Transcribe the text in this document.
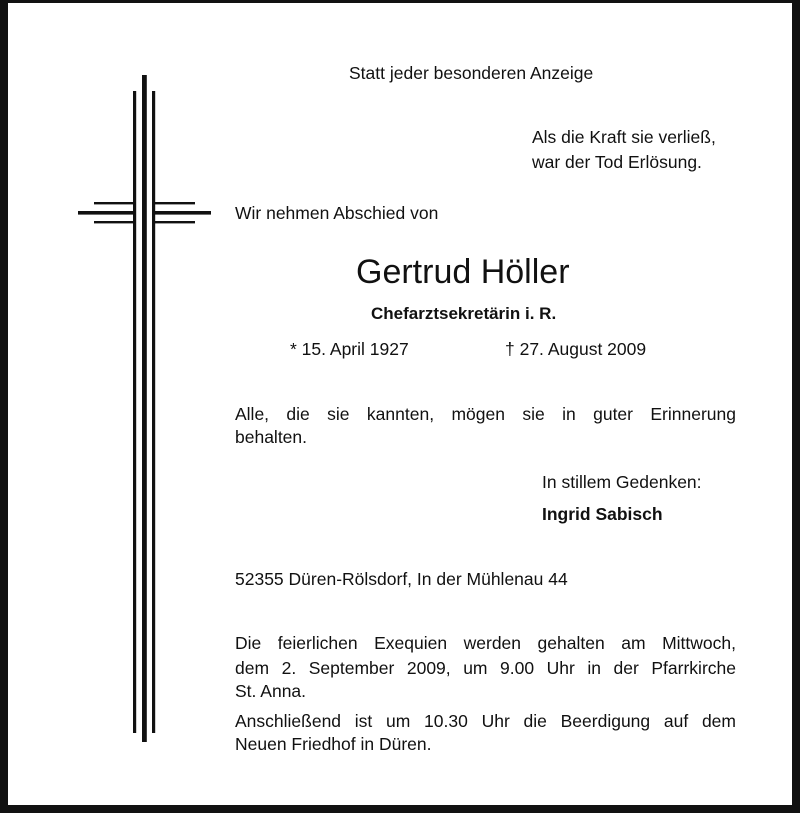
Statt jeder besonderen Anzeige
Als die Kraft sie verließ,
war der Tod Erlösung.
Wir nehmen Abschied von
Gertrud Höller
Chefarztsekretärin i. R.
* 15. April 1927	† 27. August 2009
Alle, die sie kannten, mögen sie in guter Erinnerung
behalten.
In stillem Gedenken:
Ingrid Sabisch
52355 Düren-Rölsdorf, In der Mühlenau 44
Die feierlichen Exequien werden gehalten am Mittwoch,
dem 2. September 2009, um 9.00 Uhr in der Pfarrkirche
St. Anna.
Anschließend ist um 10.30 Uhr die Beerdigung auf dem
Neuen Friedhof in Düren.
